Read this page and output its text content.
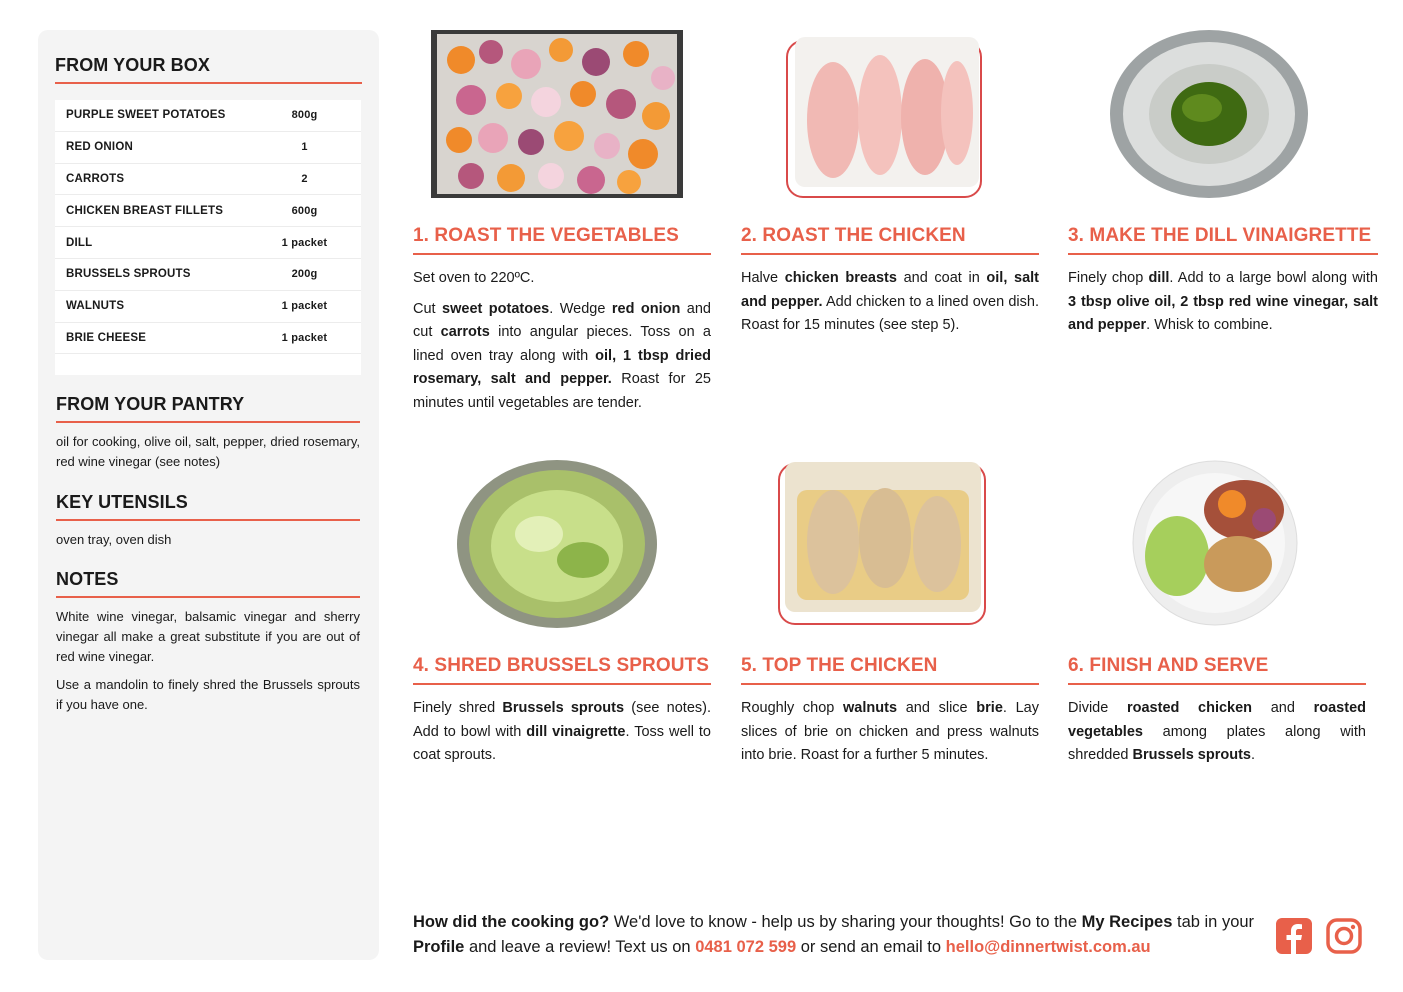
FROM YOUR BOX
PURPLE SWEET POTATOES	800g
RED ONION	1
CARROTS	2
CHICKEN BREAST FILLETS	600g
DILL	1 packet
BRUSSELS SPROUTS	200g
WALNUTS	1 packet
BRIE CHEESE	1 packet
FROM YOUR PANTRY

oil for cooking, olive oil, salt, pepper, dried rosemary, red wine vinegar (see notes)

KEY UTENSILS

oven tray, oven dish

NOTES

White wine vinegar, balsamic vinegar and sherry vinegar all make a great substitute if you are out of red wine vinegar.

Use a mandolin to finely shred the Brussels sprouts if you have one.

1. ROAST THE VEGETABLES

Set oven to 220ºC.

Cut sweet potatoes. Wedge red onion and cut carrots into angular pieces. Toss on a lined oven tray along with oil, 1 tbsp dried rosemary, salt and pepper. Roast for 25 minutes until vegetables are tender.

2. ROAST THE CHICKEN

Halve chicken breasts and coat in oil, salt and pepper. Add chicken to a lined oven dish. Roast for 15 minutes (see step 5).

3. MAKE THE DILL VINAIGRETTE

Finely chop dill. Add to a large bowl along with 3 tbsp olive oil, 2 tbsp red wine vinegar, salt and pepper. Whisk to combine.

4. SHRED BRUSSELS SPROUTS

Finely shred Brussels sprouts (see notes). Add to bowl with dill vinaigrette. Toss well to coat sprouts.

5. TOP THE CHICKEN

Roughly chop walnuts and slice brie. Lay slices of brie on chicken and press walnuts into brie. Roast for a further 5 minutes.

6. FINISH AND SERVE

Divide roasted chicken and roasted vegetables among plates along with shredded Brussels sprouts.

How did the cooking go? We'd love to know - help us by sharing your thoughts! Go to the My Recipes tab in your Profile and leave a review! Text us on 0481 072 599 or send an email to hello@dinnertwist.com.au
